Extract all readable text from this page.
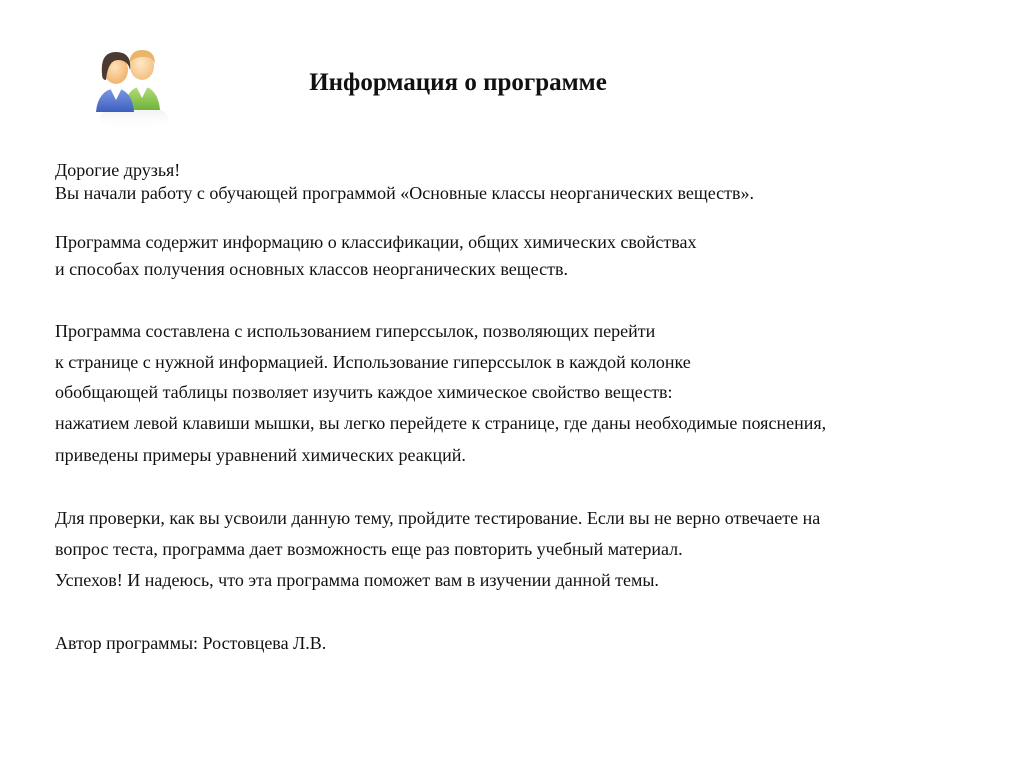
Информация о программе
Дорогие друзья!
Вы начали работу с обучающей программой «Основные классы неорганических веществ».
Программа содержит информацию о классификации, общих химических свойствах
и способах получения основных классов неорганических веществ.
Программа составлена с использованием гиперссылок, позволяющих перейти
к странице с нужной информацией. Использование гиперссылок в каждой колонке
обобщающей таблицы позволяет изучить каждое химическое свойство веществ:
нажатием левой клавиши мышки, вы легко перейдете к странице, где даны необходимые пояснения,
приведены примеры уравнений химических реакций.
Для проверки, как вы усвоили данную тему, пройдите тестирование. Если вы не верно отвечаете на
вопрос теста, программа дает возможность еще раз повторить учебный материал.
Успехов! И надеюсь, что эта программа поможет вам в изучении данной темы.
Автор программы: Ростовцева Л.В.
